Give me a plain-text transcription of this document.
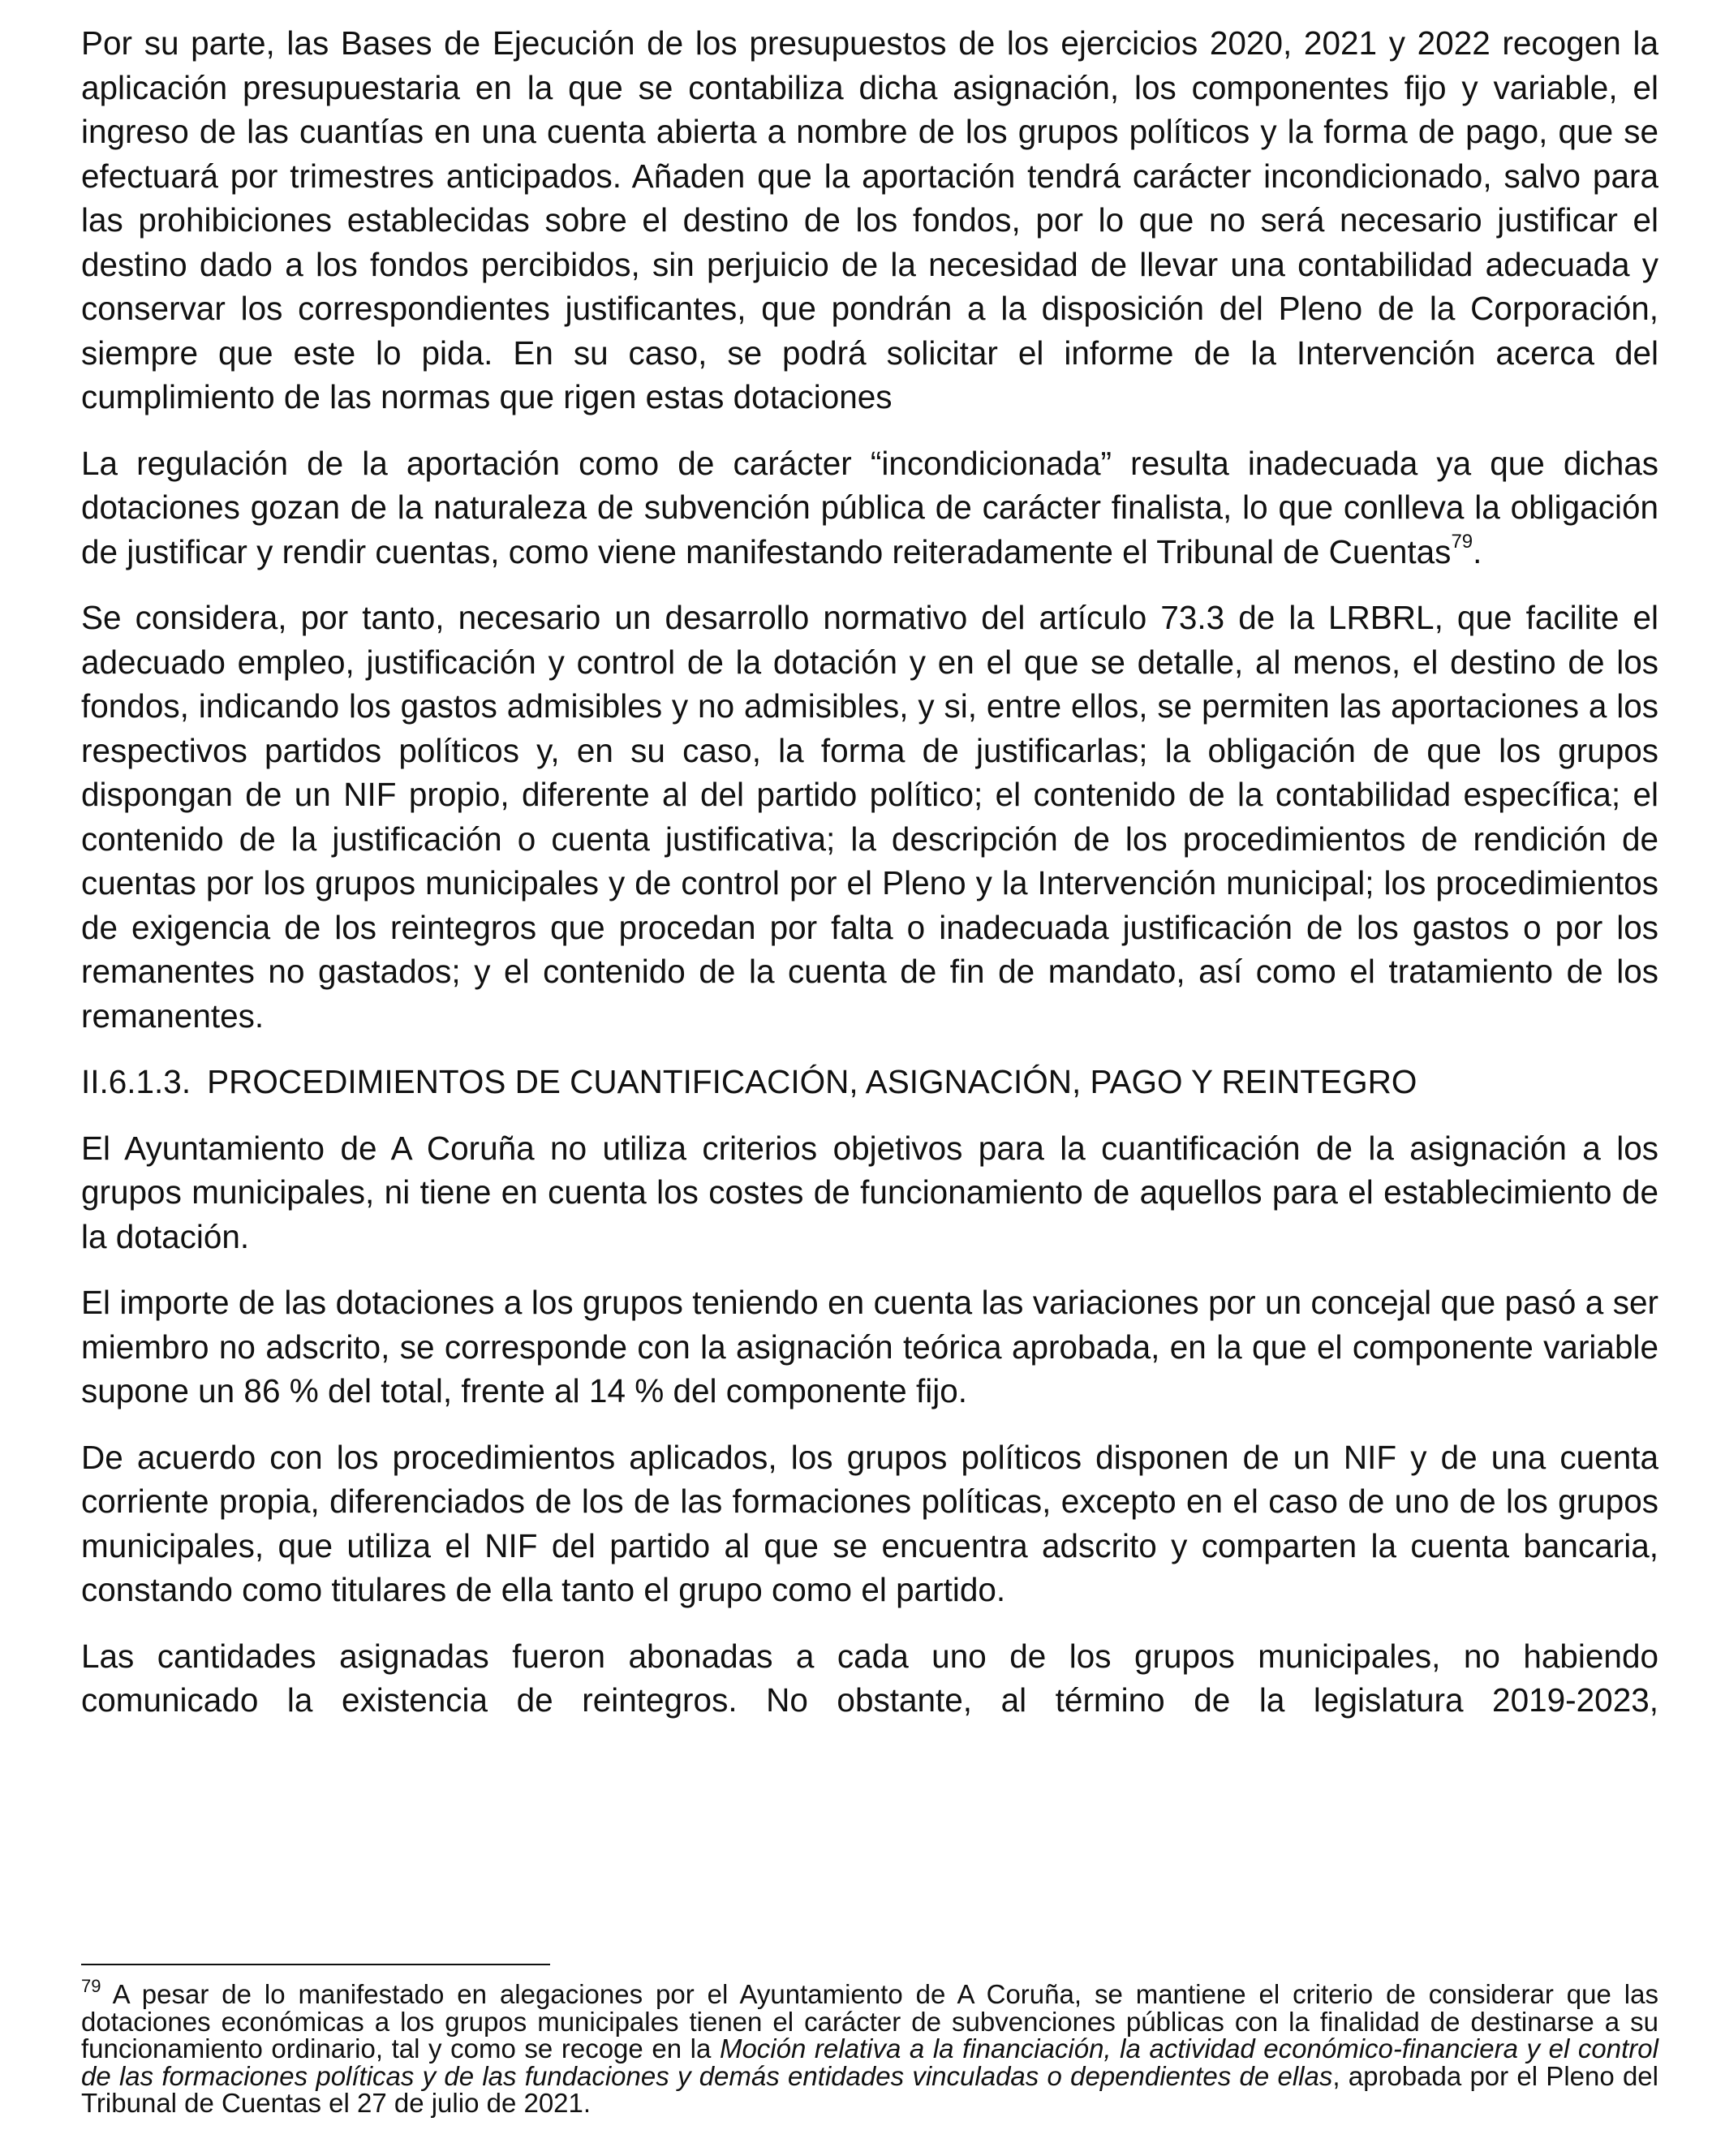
Por su parte, las Bases de Ejecución de los presupuestos de los ejercicios 2020, 2021 y 2022 recogen la aplicación presupuestaria en la que se contabiliza dicha asignación, los componentes fijo y variable, el ingreso de las cuantías en una cuenta abierta a nombre de los grupos políticos y la forma de pago, que se efectuará por trimestres anticipados. Añaden que la aportación tendrá carácter incondicionado, salvo para las prohibiciones establecidas sobre el destino de los fondos, por lo que no será necesario justificar el destino dado a los fondos percibidos, sin perjuicio de la necesidad de llevar una contabilidad adecuada y conservar los correspondientes justificantes, que pondrán a la disposición del Pleno de la Corporación, siempre que este lo pida. En su caso, se podrá solicitar el informe de la Intervención acerca del cumplimiento de las normas que rigen estas dotaciones

La regulación de la aportación como de carácter “incondicionada” resulta inadecuada ya que dichas dotaciones gozan de la naturaleza de subvención pública de carácter finalista, lo que conlleva la obligación de justificar y rendir cuentas, como viene manifestando reiteradamente el Tribunal de Cuentas$^{79}$.

Se considera, por tanto, necesario un desarrollo normativo del artículo 73.3 de la LRBRL, que facilite el adecuado empleo, justificación y control de la dotación y en el que se detalle, al menos, el destino de los fondos, indicando los gastos admisibles y no admisibles, y si, entre ellos, se permiten las aportaciones a los respectivos partidos políticos y, en su caso, la forma de justificarlas; la obligación de que los grupos dispongan de un NIF propio, diferente al del partido político; el contenido de la contabilidad específica; el contenido de la justificación o cuenta justificativa; la descripción de los procedimientos de rendición de cuentas por los grupos municipales y de control por el Pleno y la Intervención municipal; los procedimientos de exigencia de los reintegros que procedan por falta o inadecuada justificación de los gastos o por los remanentes no gastados; y el contenido de la cuenta de fin de mandato, así como el tratamiento de los remanentes.

II.6.1.3. PROCEDIMIENTOS DE CUANTIFICACIÓN, ASIGNACIÓN, PAGO Y REINTEGRO

El Ayuntamiento de A Coruña no utiliza criterios objetivos para la cuantificación de la asignación a los grupos municipales, ni tiene en cuenta los costes de funcionamiento de aquellos para el establecimiento de la dotación.

El importe de las dotaciones a los grupos teniendo en cuenta las variaciones por un concejal que pasó a ser miembro no adscrito, se corresponde con la asignación teórica aprobada, en la que el componente variable supone un 86 % del total, frente al 14 % del componente fijo.

De acuerdo con los procedimientos aplicados, los grupos políticos disponen de un NIF y de una cuenta corriente propia, diferenciados de los de las formaciones políticas, excepto en el caso de uno de los grupos municipales, que utiliza el NIF del partido al que se encuentra adscrito y comparten la cuenta bancaria, constando como titulares de ella tanto el grupo como el partido.

Las cantidades asignadas fueron abonadas a cada uno de los grupos municipales, no habiendo comunicado la existencia de reintegros. No obstante, al término de la legislatura 2019-2023,

$^{79}$ A pesar de lo manifestado en alegaciones por el Ayuntamiento de A Coruña, se mantiene el criterio de considerar que las dotaciones económicas a los grupos municipales tienen el carácter de subvenciones públicas con la finalidad de destinarse a su funcionamiento ordinario, tal y como se recoge en la Moción relativa a la financiación, la actividad económico-financiera y el control de las formaciones políticas y de las fundaciones y demás entidades vinculadas o dependientes de ellas, aprobada por el Pleno del Tribunal de Cuentas el 27 de julio de 2021.
